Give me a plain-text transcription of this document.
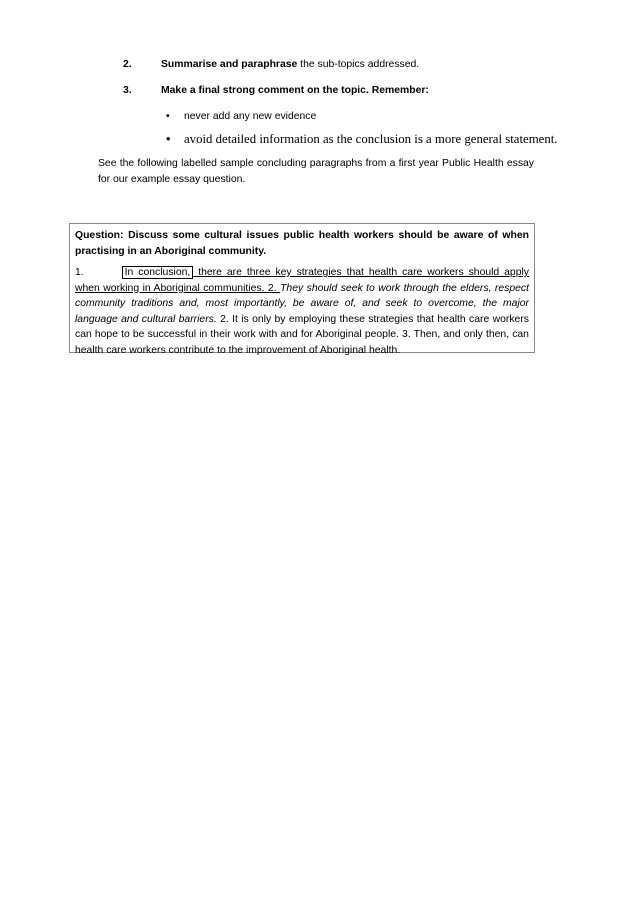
2.	Summarise and paraphrase the sub-topics addressed.
3.	Make a final strong comment on the topic. Remember:
• never add any new evidence
• avoid detailed information as the conclusion is a more general statement.
See the following labelled sample concluding paragraphs from a first year Public Health essay for our example essay question.

Question: Discuss some cultural issues public health workers should be aware of when practising in an Aboriginal community.

1.	In conclusion, there are three key strategies that health care workers should apply when working in Aboriginal communities. 2. They should seek to work through the elders, respect community traditions and, most importantly, be aware of, and seek to overcome, the major language and cultural barriers. 2. It is only by employing these strategies that health care workers can hope to be successful in their work with and for Aboriginal people. 3. Then, and only then, can health care workers contribute to the improvement of Aboriginal health.
